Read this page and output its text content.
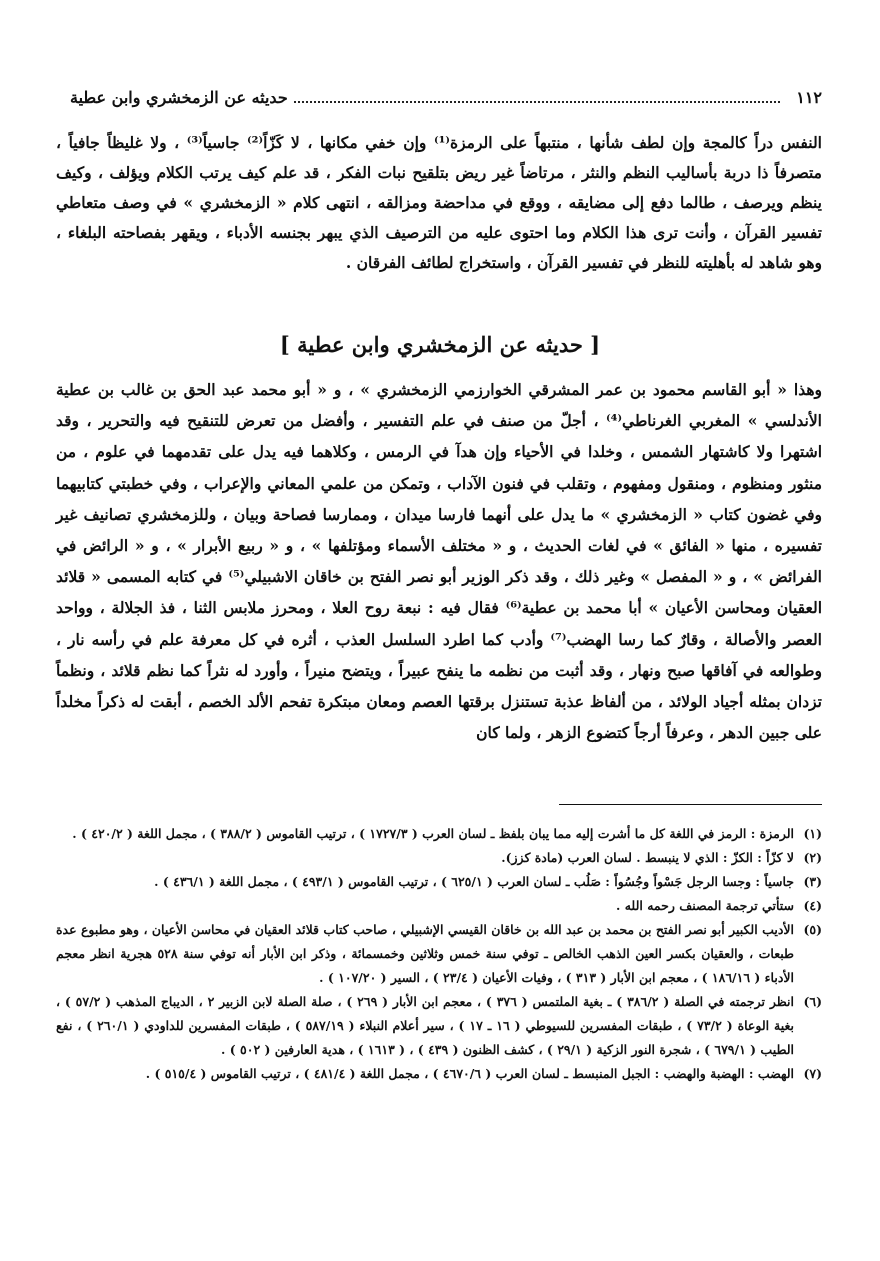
١١٢
حديثه عن الزمخشري وابن عطية

النفس دراً كالمجة وإن لطف شأنها ، منتبهاً على الرمزة⁽¹⁾ وإن خفي مكانها ، لا كَزّاً⁽²⁾ جاسياً⁽³⁾ ، ولا غليظاً جافياً ، متصرفاً ذا دربة بأساليب النظم والنثر ، مرتاضاً غير ريض بتلقيح نبات الفكر ، قد علم كيف يرتب الكلام ويؤلف ، وكيف ينظم ويرصف ، طالما دفع إلى مضايقه ، ووقع في مداحضة ومزالقه ، انتهى كلام « الزمخشري » في وصف متعاطي تفسير القرآن ، وأنت ترى هذا الكلام وما احتوى عليه من الترصيف الذي يبهر بجنسه الأدباء ، ويقهر بفصاحته البلغاء ، وهو شاهد له بأهليته للنظر في تفسير القرآن ، واستخراج لطائف الفرقان .

[ حديثه عن الزمخشري وابن عطية ]

وهذا « أبو القاسم محمود بن عمر المشرقي الخوارزمي الزمخشري » ، و « أبو محمد عبد الحق بن غالب بن عطية الأندلسي » المغربي الغرناطي⁽⁴⁾ ، أجلّ من صنف في علم التفسير ، وأفضل من تعرض للتنقيح فيه والتحرير ، وقد اشتهرا ولا كاشتهار الشمس ، وخلدا في الأحياء وإن هدآ في الرمس ، وكلاهما فيه يدل على تقدمهما في علوم ، من منثور ومنظوم ، ومنقول ومفهوم ، وتقلب في فنون الآداب ، وتمكن من علمي المعاني والإعراب ، وفي خطبتي كتابيهما وفي غضون كتاب « الزمخشري » ما يدل على أنهما فارسا ميدان ، وممارسا فصاحة وبيان ، وللزمخشري تصانيف غير تفسيره ، منها « الفائق » في لغات الحديث ، و « مختلف الأسماء ومؤتلفها » ، و « ربيع الأبرار » ، و « الرائض في الفرائض » ، و « المفصل » وغير ذلك ، وقد ذكر الوزير أبو نصر الفتح بن خاقان الاشبيلي⁽⁵⁾ في كتابه المسمى « قلائد العقيان ومحاسن الأعيان » أبا محمد بن عطية⁽⁶⁾ فقال فيه : نبعة روح العلا ، ومحرز ملابس الثنا ، فذ الجلالة ، وواحد العصر والأصالة ، وقارٌ كما رسا الهضب⁽⁷⁾ وأدب كما اطرد السلسل العذب ، أثره في كل معرفة علم في رأسه نار ، وطوالعه في آفاقها صبح ونهار ، وقد أثبت من نظمه ما ينفح عبيراً ، ويتضح منيراً ، وأورد له نثراً كما نظم قلائد ، ونظماً تزدان بمثله أجياد الولائد ، من ألفاظ عذبة تستنزل برقتها العصم ومعان مبتكرة تفحم الألد الخصم ، أبقت له ذكراً مخلداً على جبين الدهر ، وعرفاً أرجاً كتضوع الزهر ، ولما كان

(١)
الرمزة : الرمز في اللغة كل ما أشرت إليه مما يبان بلفظ ـ لسان العرب ( ١٧٢٧/٣ ) ، ترتيب القاموس ( ٣٨٨/٢ ) ، مجمل اللغة ( ٤٢٠/٢ ) .
(٢)
لا كزّاً : الكزّ : الذي لا ينبسط . لسان العرب (مادة كزز).
(٣)
جاسياً : وجسا الرجل جَسْواً وجُسُواً : صَلُب ـ لسان العرب ( ٦٢٥/١ ) ، ترتيب القاموس ( ٤٩٣/١ ) ، مجمل اللغة ( ٤٣٦/١ ) .
(٤)
ستأتي ترجمة المصنف رحمه الله .
(٥)
الأديب الكبير أبو نصر الفتح بن محمد بن عبد الله بن خاقان القيسي الإشبيلي ، صاحب كتاب قلائد العقيان في محاسن الأعيان ، وهو مطبوع عدة طبعات ، والعقيان بكسر العين الذهب الخالص ـ توفي سنة خمس وثلاثين وخمسمائة ، وذكر ابن الأبار أنه توفي سنة ٥٢٨ هجرية انظر معجم الأدباء ( ١٨٦/١٦ ) ، معجم ابن الأبار ( ٣١٣ ) ، وفيات الأعيان ( ٢٣/٤ ) ، السير ( ١٠٧/٢٠ ) .
(٦)
انظر ترجمته في الصلة ( ٣٨٦/٢ ) ـ بغية الملتمس ( ٣٧٦ ) ، معجم ابن الأبار ( ٢٦٩ ) ، صلة الصلة لابن الزبير ٢ ، الديباج المذهب ( ٥٧/٢ ) ، بغية الوعاة ( ٧٣/٢ ) ، طبقات المفسرين للسيوطي ( ١٦ ـ ١٧ ) ، سير أعلام النبلاء ( ٥٨٧/١٩ ) ، طبقات المفسرين للداودي ( ٢٦٠/١ ) ، نفع الطيب ( ٦٧٩/١ ) ، شجرة النور الزكية ( ٢٩/١ ) ، كشف الظنون ( ٤٣٩ ) ، ( ١٦١٣ ) ، هدية العارفين ( ٥٠٢ ) .
(٧)
الهضب : الهضبة والهضب : الجبل المنبسط ـ لسان العرب ( ٤٦٧٠/٦ ) ، مجمل اللغة ( ٤٨١/٤ ) ، ترتيب القاموس ( ٥١٥/٤ ) .
